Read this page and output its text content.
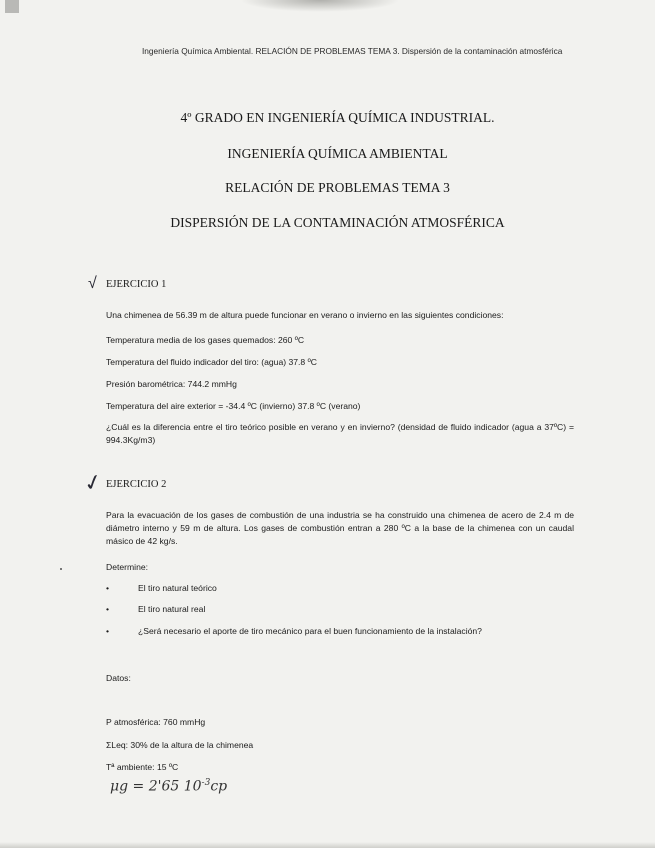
Ingeniería Química Ambiental. RELACIÓN DE PROBLEMAS TEMA 3. Dispersión de la contaminación atmosférica
4º GRADO EN INGENIERÍA QUÍMICA INDUSTRIAL.
INGENIERÍA QUÍMICA AMBIENTAL
RELACIÓN DE PROBLEMAS TEMA 3
DISPERSIÓN DE LA CONTAMINACIÓN ATMOSFÉRICA
√ EJERCICIO 1
Una chimenea de 56.39 m de altura puede funcionar en verano o invierno en las siguientes condiciones:
Temperatura media de los gases quemados: 260 ºC
Temperatura del fluido indicador del tiro: (agua) 37.8 ºC
Presión barométrica: 744.2 mmHg
Temperatura del aire exterior = -34.4 ºC (invierno) 37.8 ºC (verano)
¿Cuál es la diferencia entre el tiro teórico posible en verano y en invierno? (densidad de fluido indicador (agua a 37ºC) = 994.3Kg/m3)
✓ EJERCICIO 2
Para la evacuación de los gases de combustión de una industria se ha construido una chimenea de acero de 2.4 m de diámetro interno y 59 m de altura. Los gases de combustión entran a 280 ºC a la base de la chimenea con un caudal másico de 42 kg/s.
Determine:
•	El tiro natural teórico
•	El tiro natural real
•	¿Será necesario el aporte de tiro mecánico para el buen funcionamiento de la instalación?
Datos:
P atmosférica: 760 mmHg
ΣLeq: 30% de la altura de la chimenea
Tª ambiente: 15 ºC
μg = 2'65 $10^{-3}cp$
